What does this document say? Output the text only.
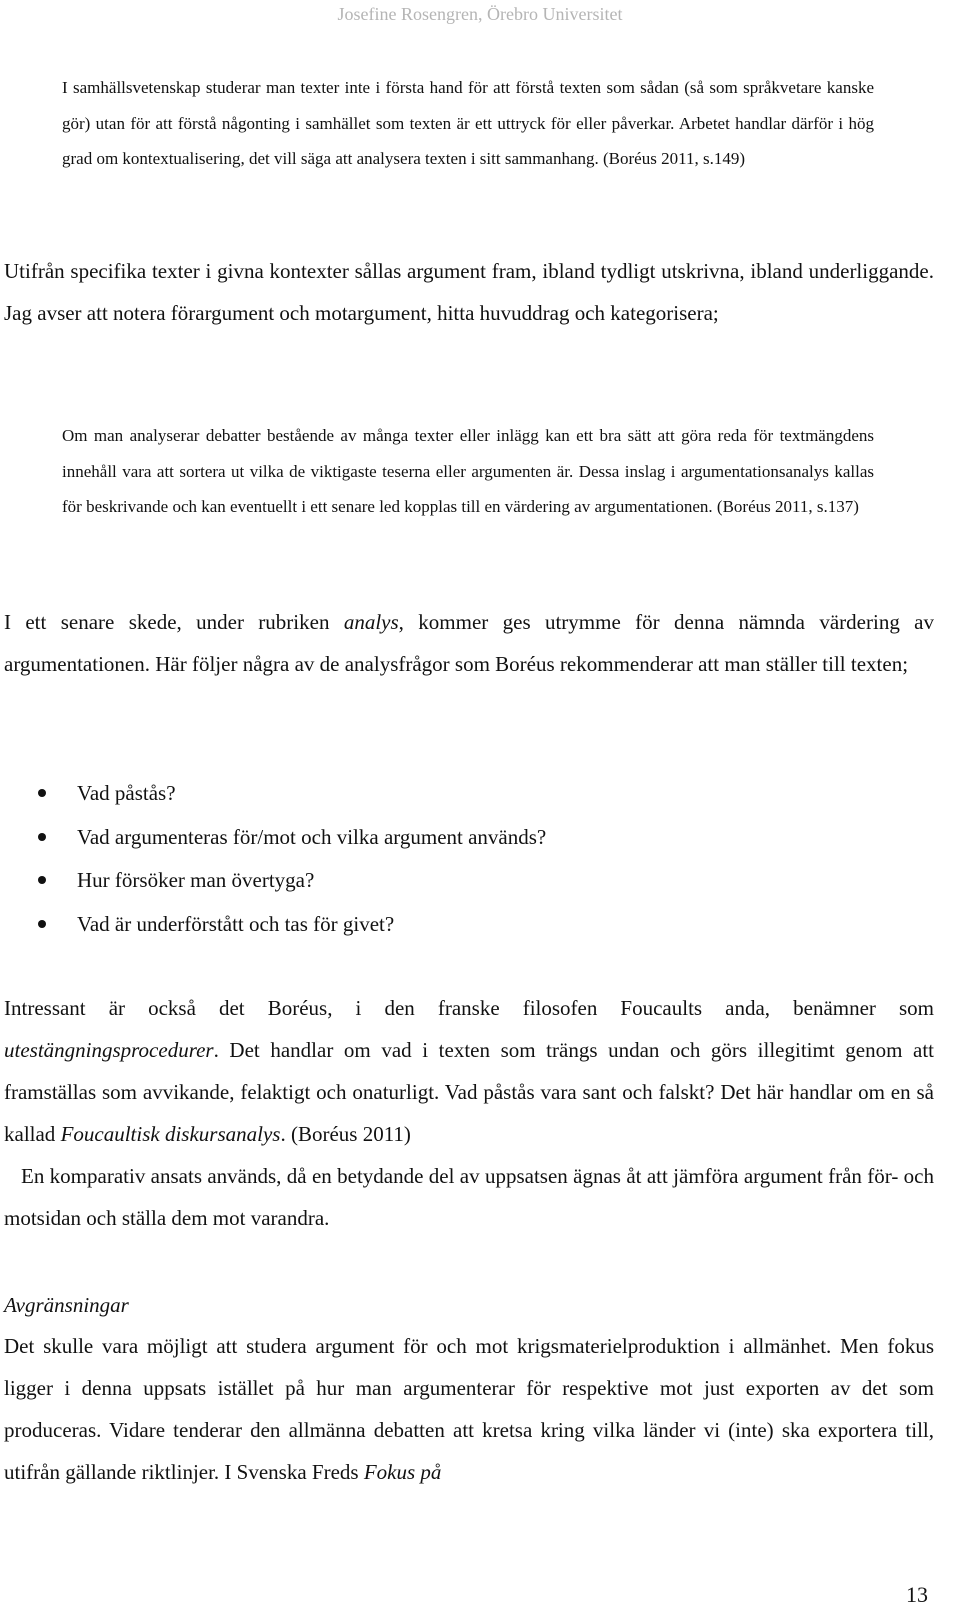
Josefine Rosengren, Örebro Universitet
I samhällsvetenskap studerar man texter inte i första hand för att förstå texten som sådan (så som språkvetare kanske gör) utan för att förstå någonting i samhället som texten är ett uttryck för eller påverkar. Arbetet handlar därför i hög grad om kontextualisering, det vill säga att analysera texten i sitt sammanhang. (Boréus 2011, s.149)
Utifrån specifika texter i givna kontexter sållas argument fram, ibland tydligt utskrivna, ibland underliggande. Jag avser att notera förargument och motargument, hitta huvuddrag och kategorisera;
Om man analyserar debatter bestående av många texter eller inlägg kan ett bra sätt att göra reda för textmängdens innehåll vara att sortera ut vilka de viktigaste teserna eller argumenten är. Dessa inslag i argumentationsanalys kallas för beskrivande och kan eventuellt i ett senare led kopplas till en värdering av argumentationen. (Boréus 2011, s.137)
I ett senare skede, under rubriken analys, kommer ges utrymme för denna nämnda värdering av argumentationen. Här följer några av de analysfrågor som Boréus rekommenderar att man ställer till texten;
Vad påstås?
Vad argumenteras för/mot och vilka argument används?
Hur försöker man övertyga?
Vad är underförstått och tas för givet?
Intressant är också det Boréus, i den franske filosofen Foucaults anda, benämner som utestängningsprocedurer. Det handlar om vad i texten som trängs undan och görs illegitimt genom att framställas som avvikande, felaktigt och onaturligt. Vad påstås vara sant och falskt? Det här handlar om en så kallad Foucaultisk diskursanalys. (Boréus 2011)
En komparativ ansats används, då en betydande del av uppsatsen ägnas åt att jämföra argument från för- och motsidan och ställa dem mot varandra.
Avgränsningar
Det skulle vara möjligt att studera argument för och mot krigsmaterielproduktion i allmänhet. Men fokus ligger i denna uppsats istället på hur man argumenterar för respektive mot just exporten av det som produceras. Vidare tenderar den allmänna debatten att kretsa kring vilka länder vi (inte) ska exportera till, utifrån gällande riktlinjer. I Svenska Freds Fokus på
13
